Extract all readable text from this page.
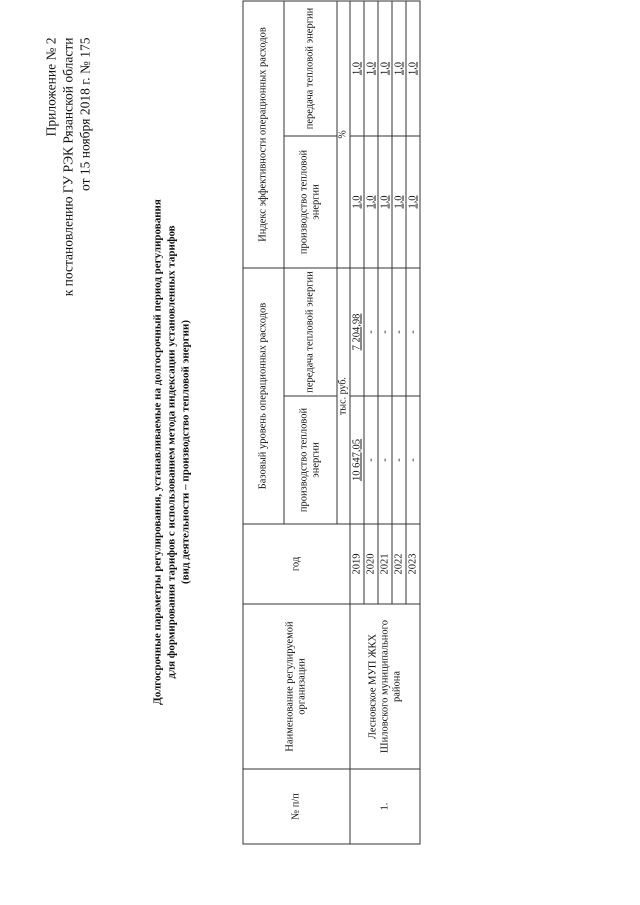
Приложение № 2 к постановлению ГУ РЭК Рязанской области от 15 ноября 2018 г. № 175
Долгосрочные параметры регулирования, устанавливаемые на долгосрочный период регулирования для формирования тарифов с использованием метода индексации установленных тарифов (вид деятельности – производство тепловой энергии)
№ п/п	Наименование регулируемой организации	год	Базовый уровень операционных расходов		Индекс эффективности операционных расходов	
			производство тепловой энергии	передача тепловой энергии	производство тепловой энергии	передача тепловой энергии
			тыс. руб.		%	
1.	Лесновское МУП ЖКХ Шиловского муниципального района	2019	10 647,05	7 204,98	1,0	1,0
		2020	-	-	1,0	1,0
		2021	-	-	1,0	1,0
		2022	-	-	1,0	1,0
		2023	-	-	1,0	1,0
